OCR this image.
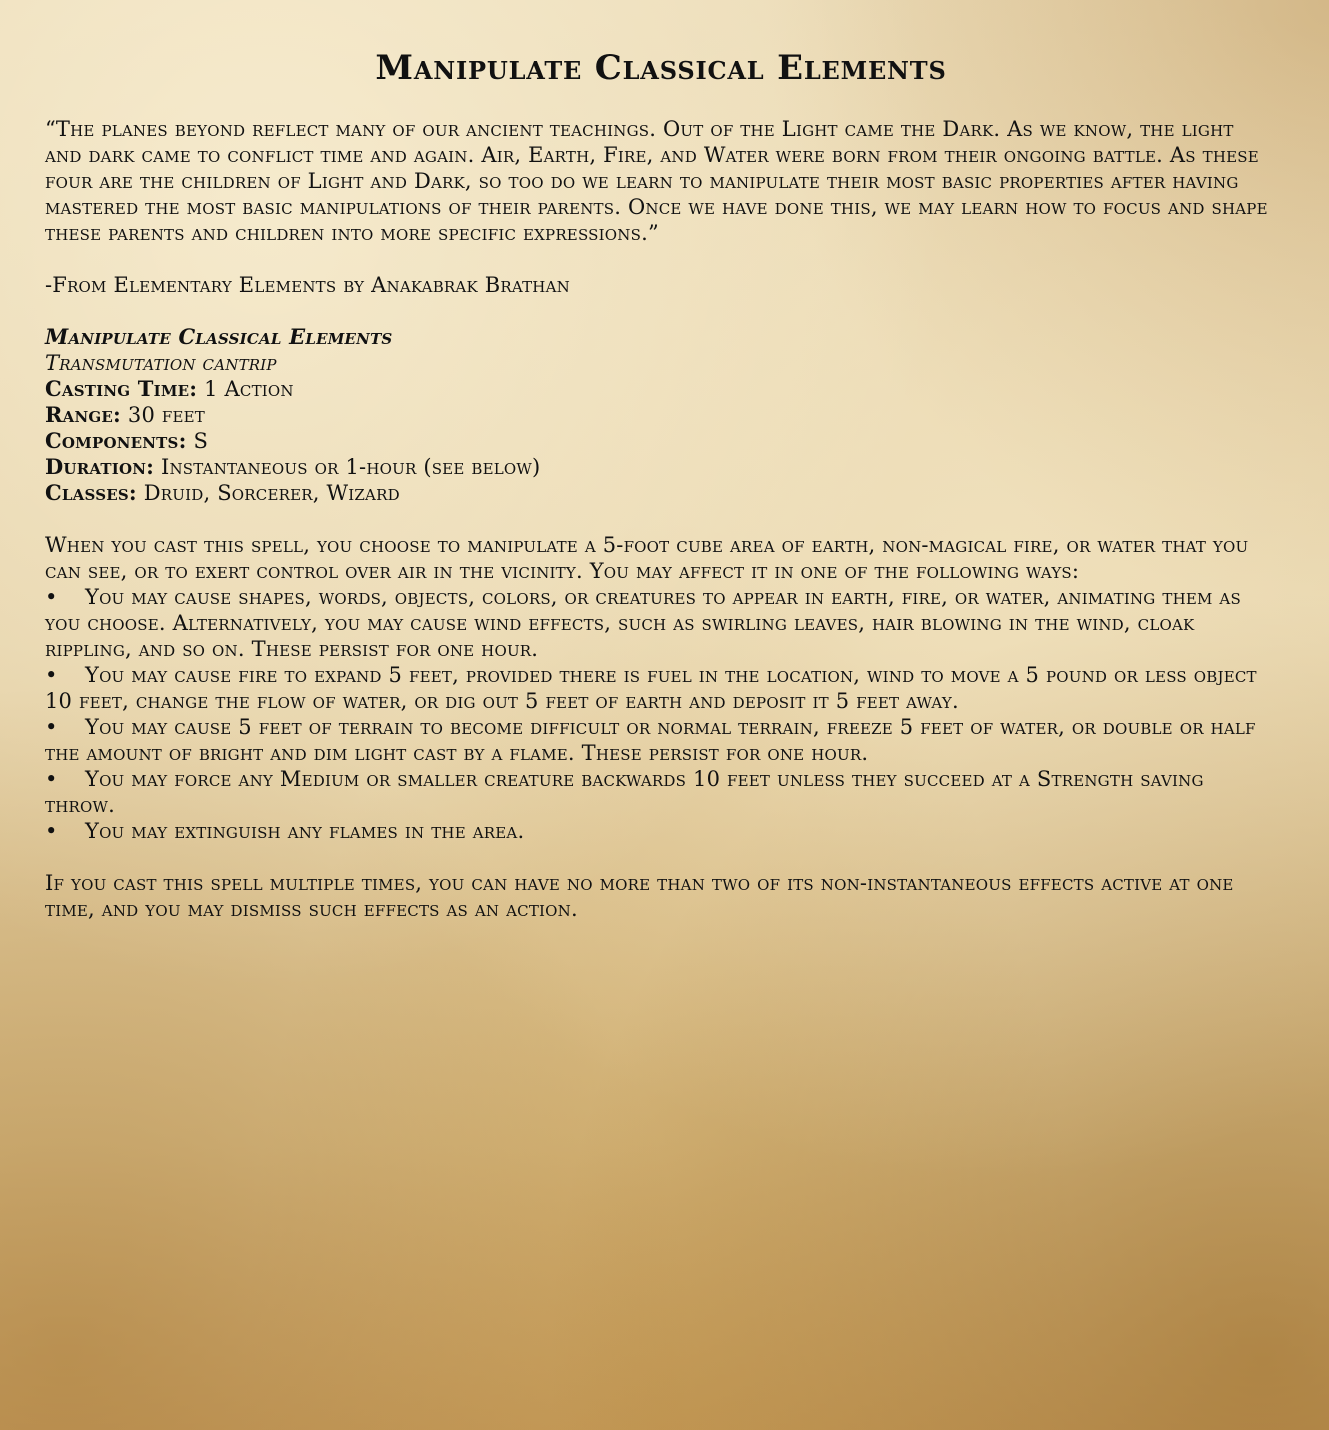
Manipulate Classical Elements

“The planes beyond reflect many of our ancient teachings. Out of the Light came the Dark. As we know, the light and dark came to conflict time and again. Air, Earth, Fire, and Water were born from their ongoing battle. As these four are the children of Light and Dark, so too do we learn to manipulate their most basic properties after having mastered the most basic manipulations of their parents. Once we have done this, we may learn how to focus and shape these parents and children into more specific expressions.”

-From Elementary Elements by Anakabrak Brathan

Manipulate Classical Elements

Transmutation cantrip

Casting Time: 1 Action

Range: 30 feet

Components: S

Duration: Instantaneous or 1-hour (see below)

Classes: Druid, Sorcerer, Wizard

When you cast this spell, you choose to manipulate a 5-foot cube area of earth, non-magical fire, or water that you can see, or to exert control over air in the vicinity. You may affect it in one of the following ways:

• You may cause shapes, words, objects, colors, or creatures to appear in earth, fire, or water, animating them as you choose. Alternatively, you may cause wind effects, such as swirling leaves, hair blowing in the wind, cloak rippling, and so on. These persist for one hour.
• You may cause fire to expand 5 feet, provided there is fuel in the location, wind to move a 5 pound or less object 10 feet, change the flow of water, or dig out 5 feet of earth and deposit it 5 feet away.
• You may cause 5 feet of terrain to become difficult or normal terrain, freeze 5 feet of water, or double or half the amount of bright and dim light cast by a flame. These persist for one hour.
• You may force any Medium or smaller creature backwards 10 feet unless they succeed at a Strength saving throw.
• You may extinguish any flames in the area.

If you cast this spell multiple times, you can have no more than two of its non-instantaneous effects active at one time, and you may dismiss such effects as an action.
